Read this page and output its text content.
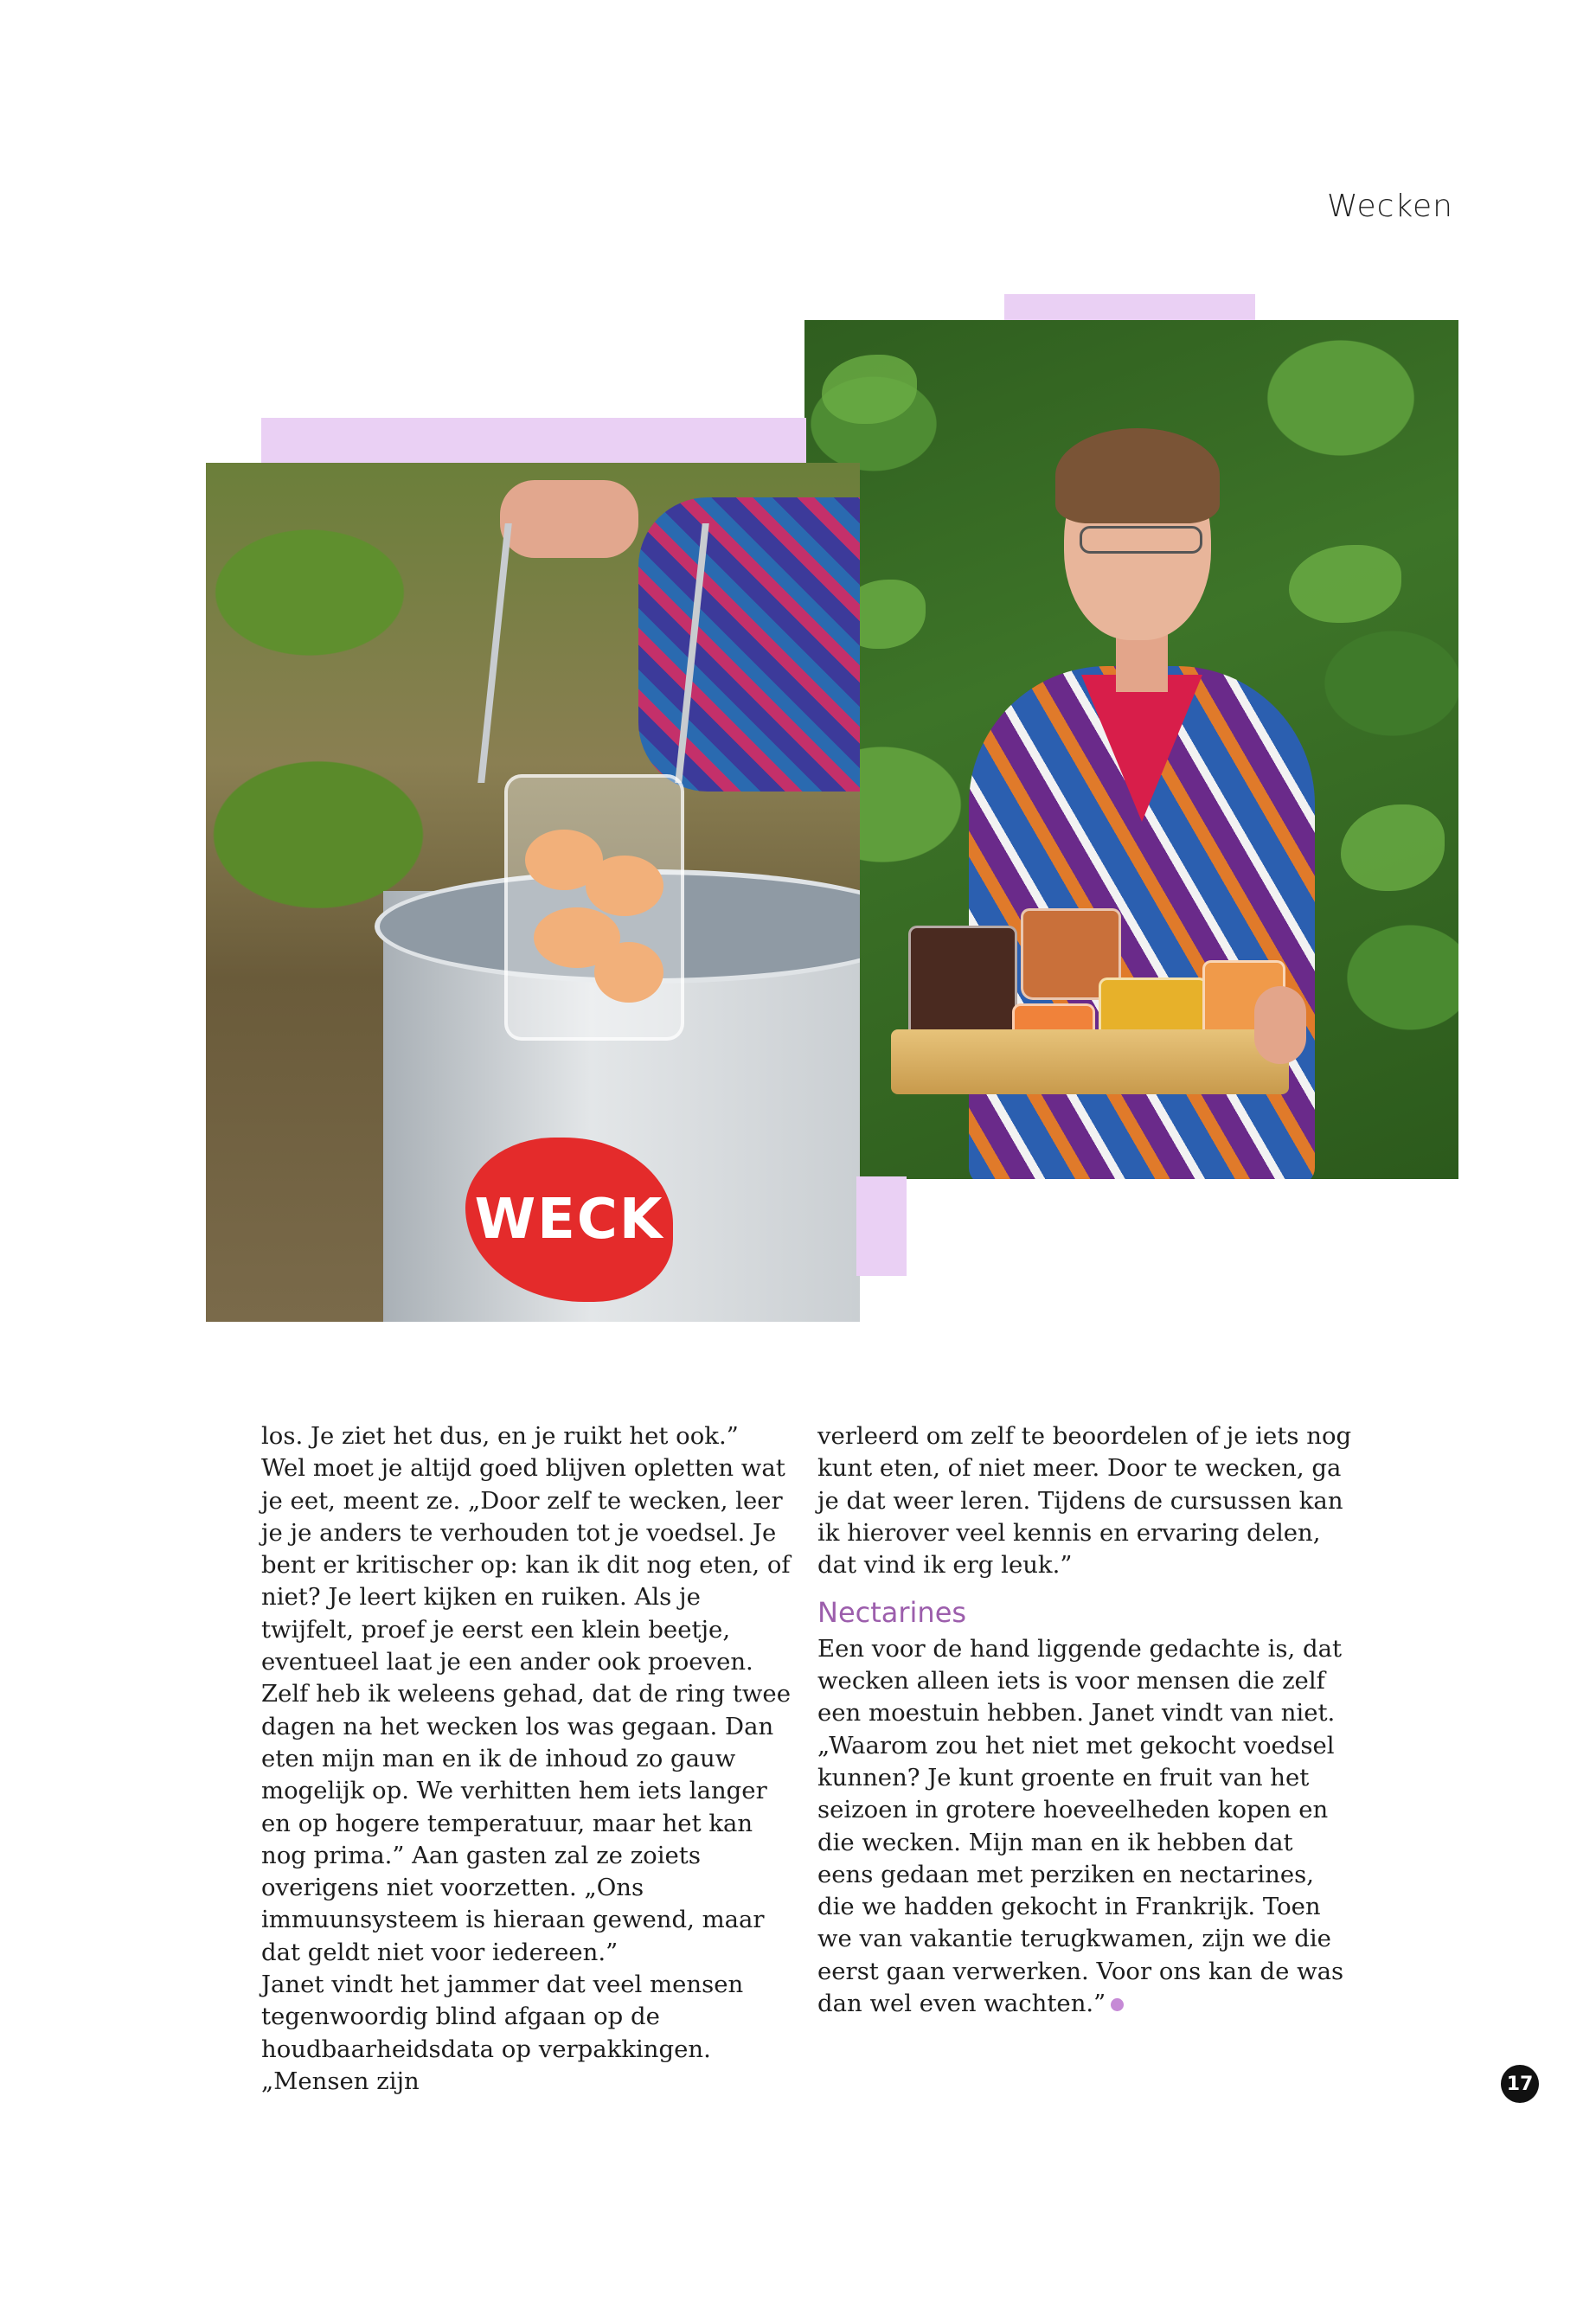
Wecken
WECK

los. Je ziet het dus, en je ruikt het ook.”

Wel moet je altijd goed blijven opletten wat je eet, meent ze. „Door zelf te wecken, leer je je anders te verhouden tot je voedsel. Je bent er kritischer op: kan ik dit nog eten, of niet? Je leert kijken en ruiken. Als je twijfelt, proef je eerst een klein beetje, eventueel laat je een ander ook proeven. Zelf heb ik weleens gehad, dat de ring twee dagen na het wecken los was gegaan. Dan eten mijn man en ik de inhoud zo gauw mogelijk op. We verhitten hem iets langer en op hogere temperatuur, maar het kan nog prima.” Aan gasten zal ze zoiets overigens niet voorzetten. „Ons immuunsysteem is hieraan gewend, maar dat geldt niet voor iedereen.”

Janet vindt het jammer dat veel mensen tegenwoordig blind afgaan op de houdbaarheidsdata op verpakkingen. „Mensen zijn

verleerd om zelf te beoordelen of je iets nog kunt eten, of niet meer. Door te wecken, ga je dat weer leren. Tijdens de cursussen kan ik hierover veel kennis en ervaring delen, dat vind ik erg leuk.”

Nectarines

Een voor de hand liggende gedachte is, dat wecken alleen iets is voor mensen die zelf een moestuin hebben. Janet vindt van niet. „Waarom zou het niet met gekocht voedsel kunnen? Je kunt groente en fruit van het seizoen in grotere hoeveelheden kopen en die wecken. Mijn man en ik hebben dat eens gedaan met perziken en nectarines, die we hadden gekocht in Frankrijk. Toen we van vakantie terugkwamen, zijn we die eerst gaan verwerken. Voor ons kan de was dan wel even wachten.”

17
